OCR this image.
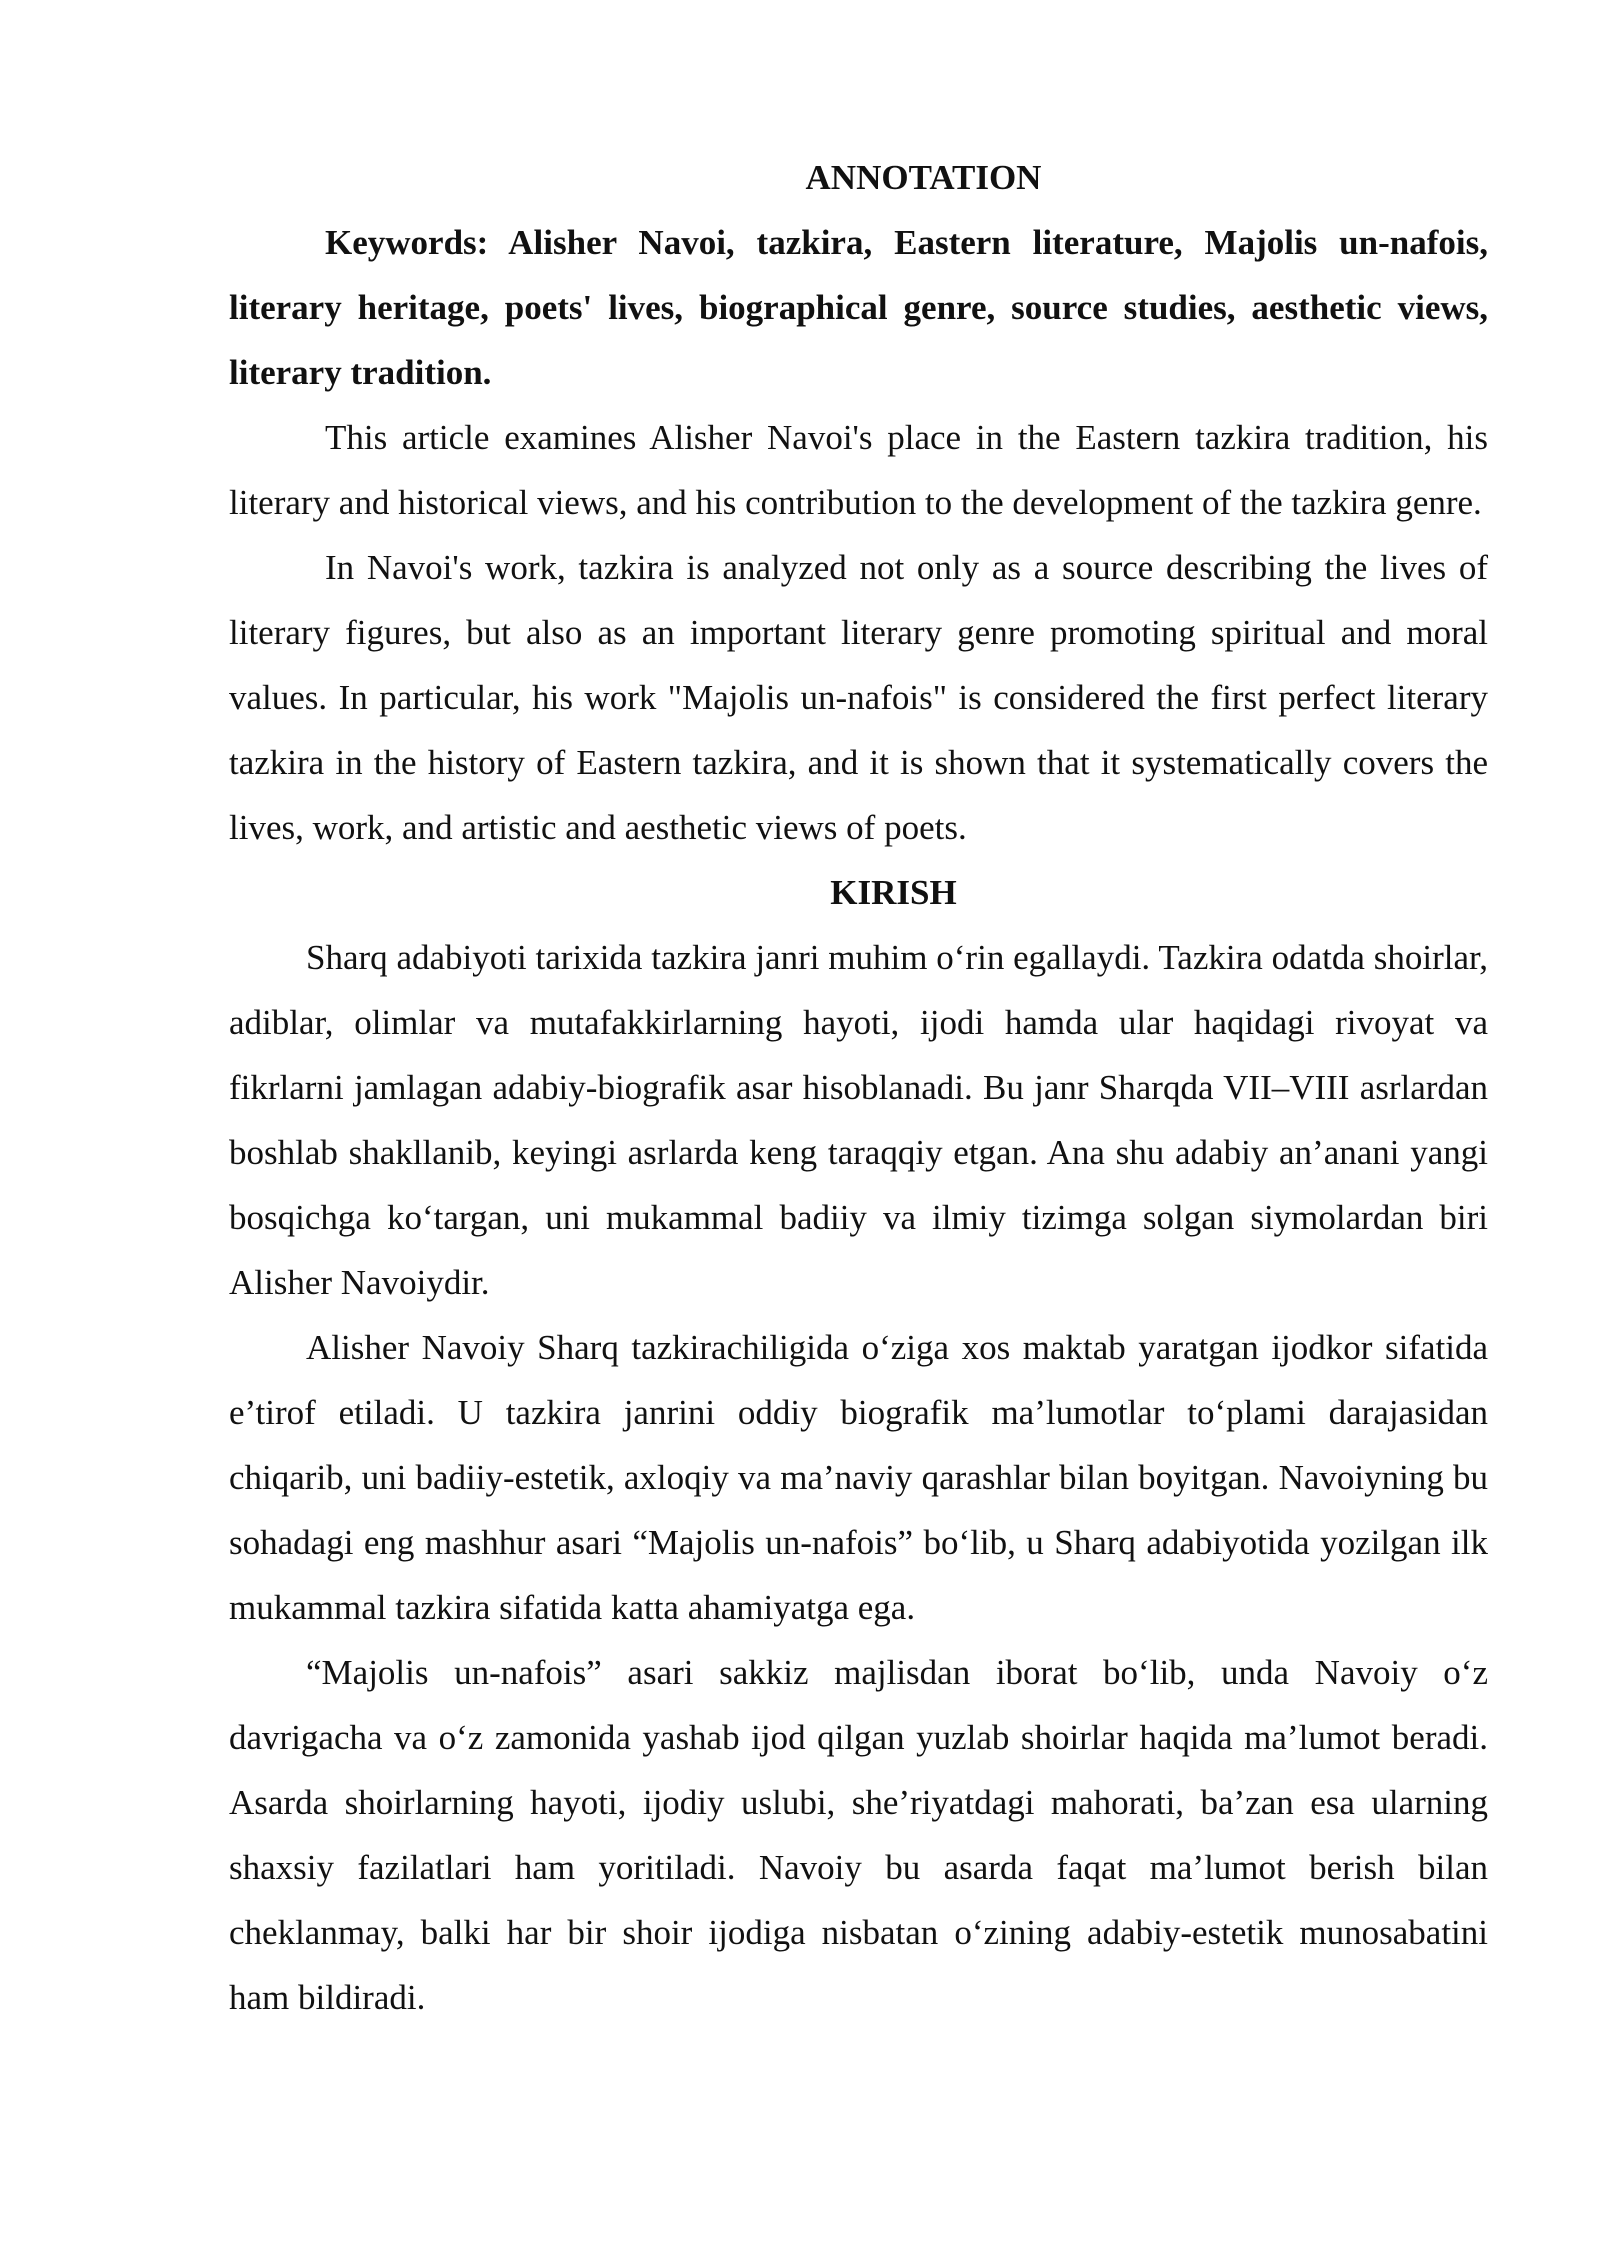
ANNOTATION

Keywords: Alisher Navoi, tazkira, Eastern literature, Majolis un-nafois, literary heritage, poets' lives, biographical genre, source studies, aesthetic views, literary tradition.

This article examines Alisher Navoi's place in the Eastern tazkira tradition, his literary and historical views, and his contribution to the development of the tazkira genre.

In Navoi's work, tazkira is analyzed not only as a source describing the lives of literary figures, but also as an important literary genre promoting spiritual and moral values. In particular, his work "Majolis un-nafois" is considered the first perfect literary tazkira in the history of Eastern tazkira, and it is shown that it systematically covers the lives, work, and artistic and aesthetic views of poets.

KIRISH

Sharq adabiyoti tarixida tazkira janri muhim o‘rin egallaydi. Tazkira odatda shoirlar, adiblar, olimlar va mutafakkirlarning hayoti, ijodi hamda ular haqidagi rivoyat va fikrlarni jamlagan adabiy-biografik asar hisoblanadi. Bu janr Sharqda VII–VIII asrlardan boshlab shakllanib, keyingi asrlarda keng taraqqiy etgan. Ana shu adabiy an’anani yangi bosqichga ko‘targan, uni mukammal badiiy va ilmiy tizimga solgan siymolardan biri Alisher Navoiydir.

Alisher Navoiy Sharq tazkirachiligida o‘ziga xos maktab yaratgan ijodkor sifatida e’tirof etiladi. U tazkira janrini oddiy biografik ma’lumotlar to‘plami darajasidan chiqarib, uni badiiy-estetik, axloqiy va ma’naviy qarashlar bilan boyitgan. Navoiyning bu sohadagi eng mashhur asari “Majolis un-nafois” bo‘lib, u Sharq adabiyotida yozilgan ilk mukammal tazkira sifatida katta ahamiyatga ega.

“Majolis un-nafois” asari sakkiz majlisdan iborat bo‘lib, unda Navoiy o‘z davrigacha va o‘z zamonida yashab ijod qilgan yuzlab shoirlar haqida ma’lumot beradi. Asarda shoirlarning hayoti, ijodiy uslubi, she’riyatdagi mahorati, ba’zan esa ularning shaxsiy fazilatlari ham yoritiladi. Navoiy bu asarda faqat ma’lumot berish bilan cheklanmay, balki har bir shoir ijodiga nisbatan o‘zining adabiy-estetik munosabatini ham bildiradi.
